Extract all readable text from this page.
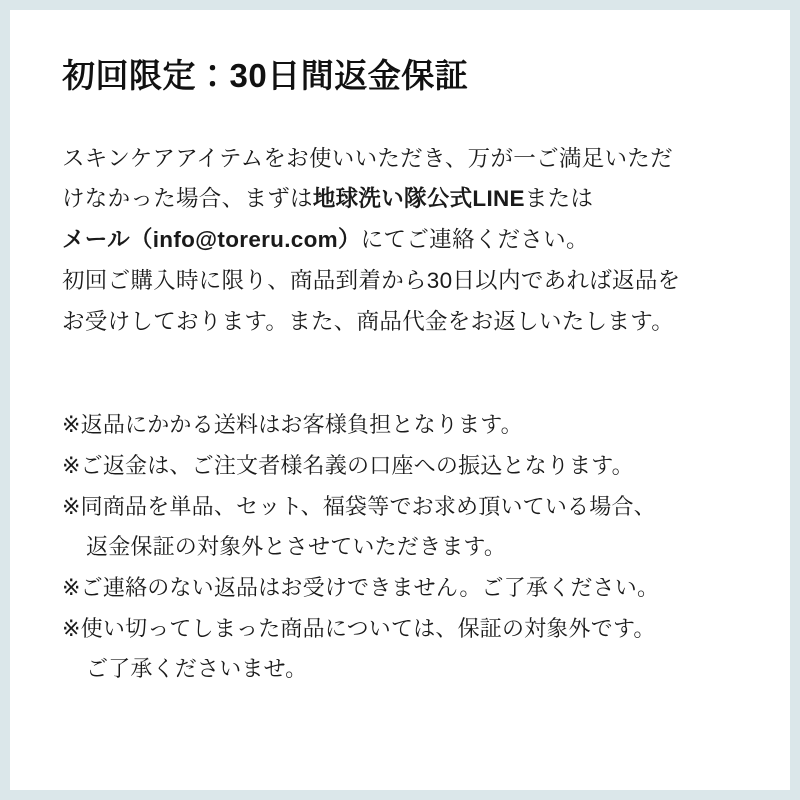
初回限定：30日間返金保証
スキンケアアイテムをお使いいただき、万が一ご満足いただ
けなかった場合、まずは地球洗い隊公式LINEまたは
メール（info@toreru.com）にてご連絡ください。
初回ご購入時に限り、商品到着から30日以内であれば返品を
お受けしております。また、商品代金をお返しいたします。
※返品にかかる送料はお客様負担となります。
※ご返金は、ご注文者様名義の口座への振込となります。
※同商品を単品、セット、福袋等でお求め頂いている場合、
返金保証の対象外とさせていただきます。
※ご連絡のない返品はお受けできません。ご了承ください。
※使い切ってしまった商品については、保証の対象外です。
ご了承くださいませ。
